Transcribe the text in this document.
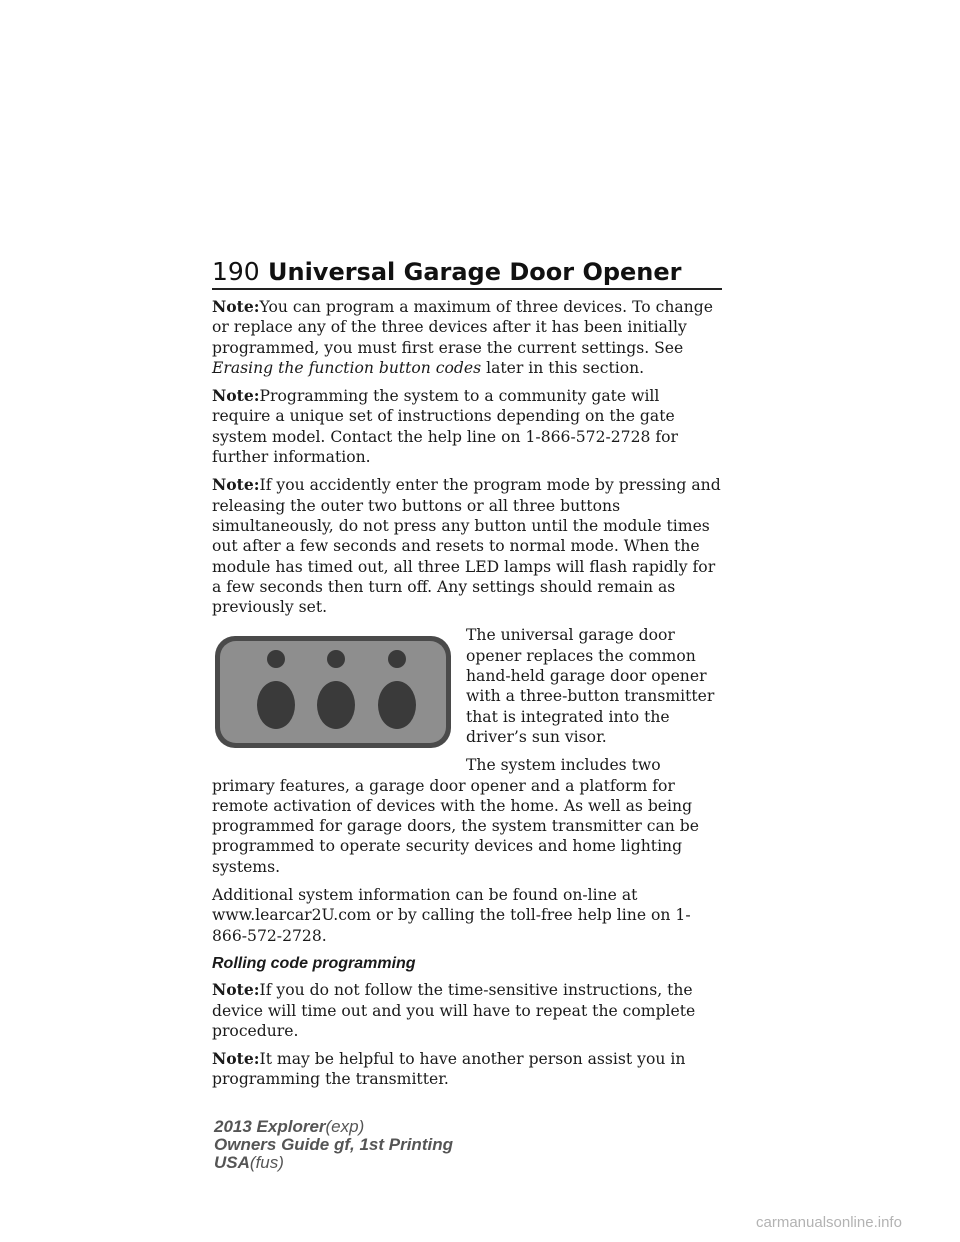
190 Universal Garage Door Opener

Note:You can program a maximum of three devices. To change or replace any of the three devices after it has been initially programmed, you must first erase the current settings. See Erasing the function button codes later in this section.

Note:Programming the system to a community gate will require a unique set of instructions depending on the gate system model. Contact the help line on 1-866-572-2728 for further information.

Note:If you accidently enter the program mode by pressing and releasing the outer two buttons or all three buttons simultaneously, do not press any button until the module times out after a few seconds and resets to normal mode. When the module has timed out, all three LED lamps will flash rapidly for a few seconds then turn off. Any settings should remain as previously set.

The universal garage door opener replaces the common hand-held garage door opener with a three-button transmitter that is integrated into the driver’s sun visor.

The system includes two primary features, a garage door opener and a platform for remote activation of devices with the home. As well as being programmed for garage doors, the system transmitter can be programmed to operate security devices and home lighting systems.

Additional system information can be found on-line at www.learcar2U.com or by calling the toll-free help line on 1-866-572-2728.

Rolling code programming

Note:If you do not follow the time-sensitive instructions, the device will time out and you will have to repeat the complete procedure.

Note:It may be helpful to have another person assist you in programming the transmitter.

2013 Explorer(exp)
Owners Guide gf, 1st Printing
USA(fus)
carmanualsonline.info
